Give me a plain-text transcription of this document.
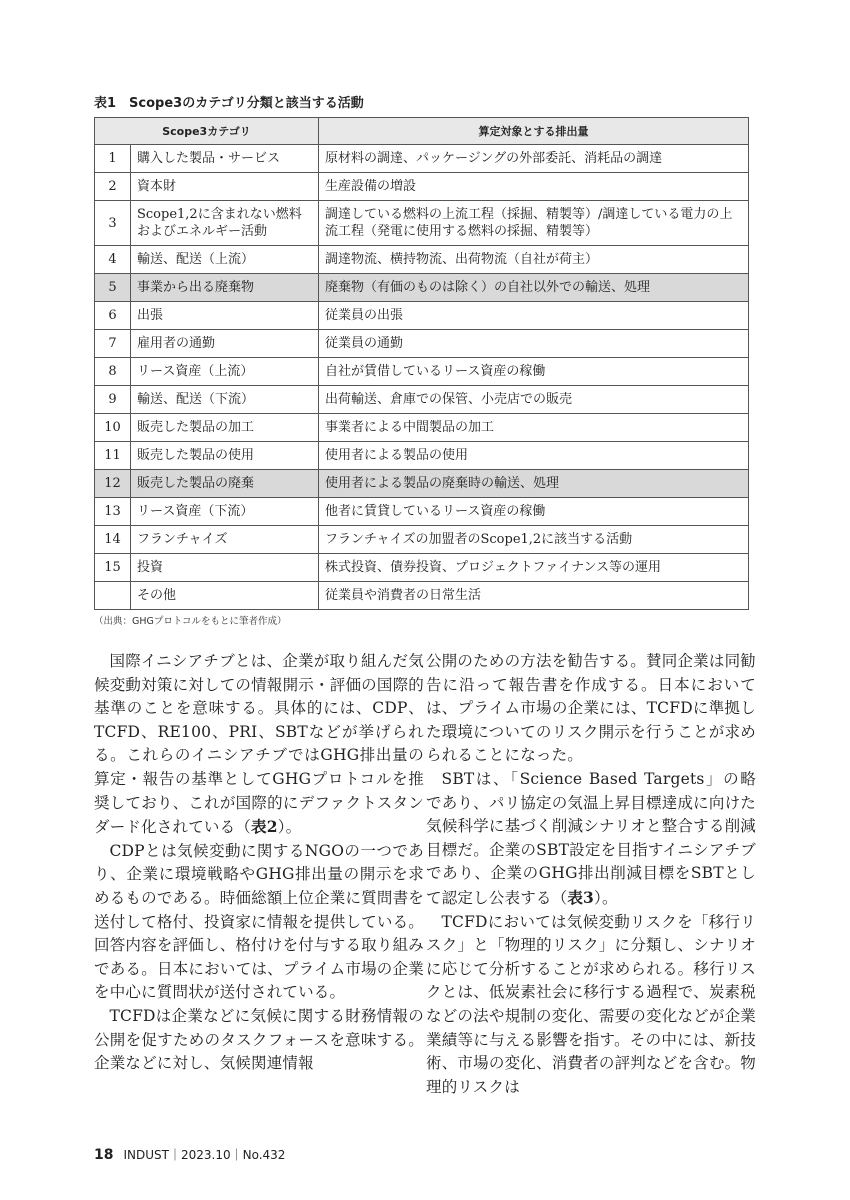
表1　Scope3のカテゴリ分類と該当する活動
Scope3カテゴリ		算定対象とする排出量
1	購入した製品・サービス	原材料の調達、パッケージングの外部委託、消耗品の調達
2	資本財	生産設備の増設
3	Scope1,2に含まれない燃料およびエネルギー活動	調達している燃料の上流工程（採掘、精製等）/調達している電力の上流工程（発電に使用する燃料の採掘、精製等）
4	輸送、配送（上流）	調達物流、横持物流、出荷物流（自社が荷主）
5	事業から出る廃棄物	廃棄物（有価のものは除く）の自社以外での輸送、処理
6	出張	従業員の出張
7	雇用者の通勤	従業員の通勤
8	リース資産（上流）	自社が賃借しているリース資産の稼働
9	輸送、配送（下流）	出荷輸送、倉庫での保管、小売店での販売
10	販売した製品の加工	事業者による中間製品の加工
11	販売した製品の使用	使用者による製品の使用
12	販売した製品の廃棄	使用者による製品の廃棄時の輸送、処理
13	リース資産（下流）	他者に賃貸しているリース資産の稼働
14	フランチャイズ	フランチャイズの加盟者のScope1,2に該当する活動
15	投資	株式投資、債券投資、プロジェクトファイナンス等の運用
	その他	従業員や消費者の日常生活
（出典：GHGプロトコルをもとに筆者作成）

国際イニシアチブとは、企業が取り組んだ気候変動対策に対しての情報開示・評価の国際的基準のことを意味する。具体的には、CDP、TCFD、RE100、PRI、SBTなどが挙げられる。これらのイニシアチブではGHG排出量の算定・報告の基準としてGHGプロトコルを推奨しており、これが国際的にデファクトスタンダード化されている（表2）。

CDPとは気候変動に関するNGOの一つであり、企業に環境戦略やGHG排出量の開示を求めるものである。時価総額上位企業に質問書を送付して格付、投資家に情報を提供している。回答内容を評価し、格付けを付与する取り組みである。日本においては、プライム市場の企業を中心に質問状が送付されている。

TCFDは企業などに気候に関する財務情報の公開を促すためのタスクフォースを意味する。企業などに対し、気候関連情報

公開のための方法を勧告する。賛同企業は同勧告に沿って報告書を作成する。日本においては、プライム市場の企業には、TCFDに準拠した環境についてのリスク開示を行うことが求められることになった。

SBTは、「Science Based Targets」の略であり、パリ協定の気温上昇目標達成に向けた気候科学に基づく削減シナリオと整合する削減目標だ。企業のSBT設定を目指すイニシアチブであり、企業のGHG排出削減目標をSBTとして認定し公表する（表3）。

TCFDにおいては気候変動リスクを「移行リスク」と「物理的リスク」に分類し、シナリオに応じて分析することが求められる。移行リスクとは、低炭素社会に移行する過程で、炭素税などの法や規制の変化、需要の変化などが企業業績等に与える影響を指す。その中には、新技術、市場の変化、消費者の評判などを含む。物理的リスクは

18 INDUST｜2023.10｜No.432
